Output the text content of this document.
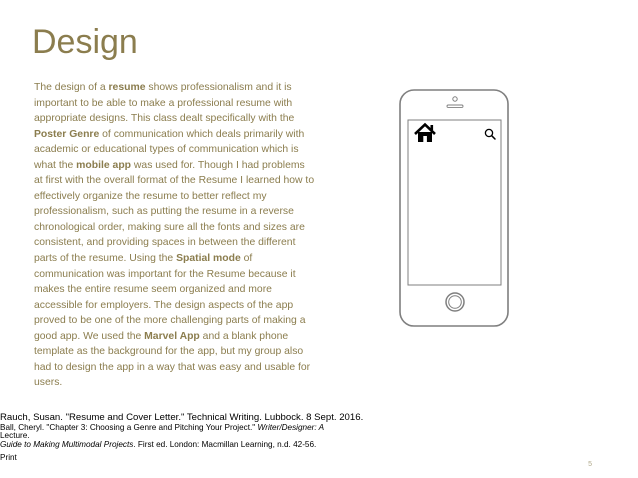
Design
The design of a resume shows professionalism and it is
important to be able to make a professional resume with
appropriate designs. This class dealt specifically with the
Poster Genre of communication which deals primarily with
academic or educational types of communication which is
what the mobile app was used for. Though I had problems
at first with the overall format of the Resume I learned how to
effectively organize the resume to better reflect my
professionalism, such as putting the resume in a reverse
chronological order, making sure all the fonts and sizes are
consistent, and providing spaces in between the different
parts of the resume. Using the Spatial mode of
communication was important for the Resume because it
makes the entire resume seem organized and more
accessible for employers. The design aspects of the app
proved to be one of the more challenging parts of making a
good app. We used the Marvel App and a blank phone
template as the background for the app, but my group also
had to design the app in a way that was easy and usable for
users.
Rauch, Susan. "Resume and Cover Letter." Technical Writing. Lubbock. 8 Sept. 2016.
Ball, Cheryl. "Chapter 3: Choosing a Genre and Pitching Your Project." Writer/Designer: A
Lecture.
Guide to Making Multimodal Projects. First ed. London: Macmillan Learning, n.d. 42-56.
Print
5
